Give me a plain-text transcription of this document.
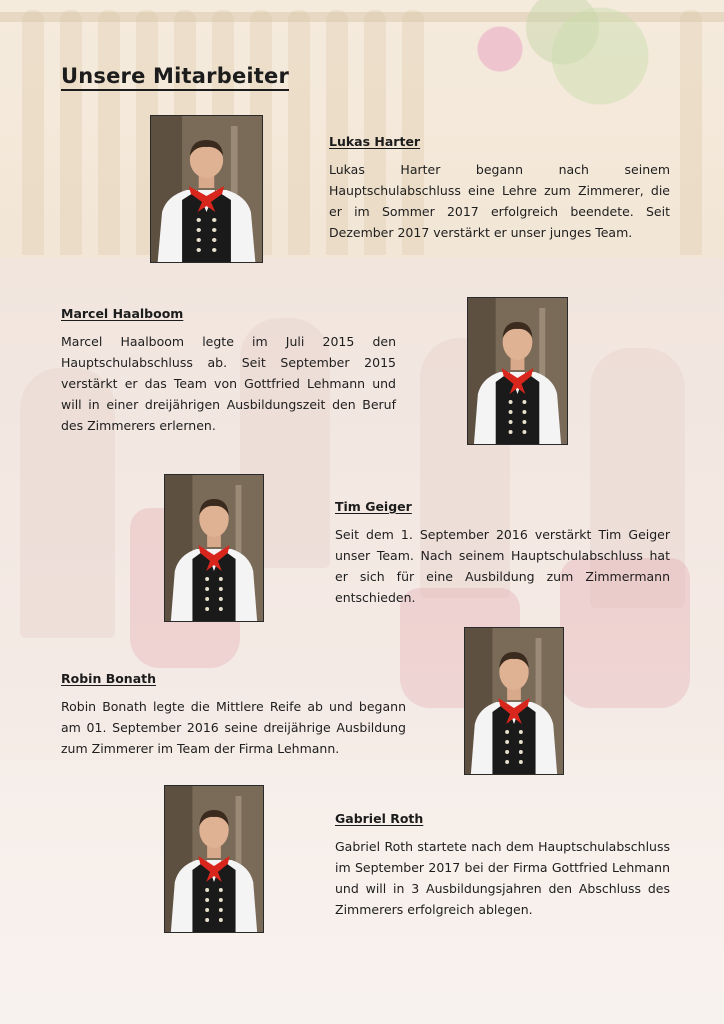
Unsere Mitarbeiter
Lukas Harter

Lukas Harter begann nach seinem Hauptschulabschluss eine Lehre zum Zimmerer, die er im Sommer 2017 erfolgreich beendete. Seit Dezember 2017 verstärkt er unser junges Team.

Marcel Haalboom

Marcel Haalboom legte im Juli 2015 den Hauptschulabschluss ab. Seit September 2015 verstärkt er das Team von Gottfried Lehmann und will in einer dreijährigen Ausbildungszeit den Beruf des Zimmerers erlernen.

Tim Geiger

Seit dem 1. September 2016 verstärkt Tim Geiger unser Team. Nach seinem Hauptschulabschluss hat er sich für eine Ausbildung zum Zimmermann entschieden.

Robin Bonath

Robin Bonath legte die Mittlere Reife ab und begann am 01. September 2016 seine dreijährige Ausbildung zum Zimmerer im Team der Firma Lehmann.

Gabriel Roth

Gabriel Roth startete nach dem Hauptschulabschluss im September 2017 bei der Firma Gottfried Lehmann und will in 3 Ausbildungsjahren den Abschluss des Zimmerers erfolgreich ablegen.
